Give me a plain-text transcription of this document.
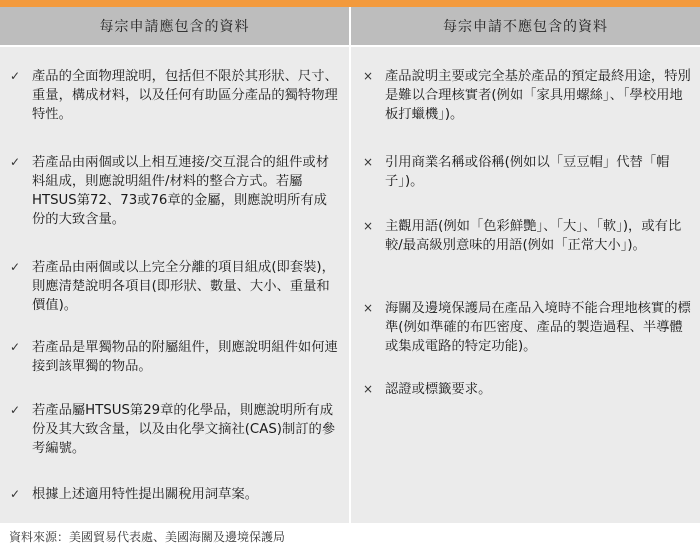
每宗申請應包含的資料
✓ 產品的全面物理說明，包括但不限於其形狀、尺寸、重量，構成材料，以及任何有助區分產品的獨特物理特性。
✓ 若產品由兩個或以上相互連接/交互混合的組件或材料組成，則應說明組件/材料的整合方式。若屬HTSUS第72、73或76章的金屬，則應說明所有成份的大致含量。
✓ 若產品由兩個或以上完全分離的項目組成(即套裝)，則應清楚說明各項目(即形狀、數量、大小、重量和價值)。
✓ 若產品是單獨物品的附屬組件，則應說明組件如何連接到該單獨的物品。
✓ 若產品屬HTSUS第29章的化學品，則應說明所有成份及其大致含量，以及由化學文摘社(CAS)制訂的參考編號。
✓ 根據上述適用特性提出關稅用詞草案。
每宗申請不應包含的資料
× 產品說明主要或完全基於產品的預定最終用途，特別是難以合理核實者(例如「家具用螺絲」、「學校用地板打蠟機」)。
× 引用商業名稱或俗稱(例如以「豆豆帽」代替「帽子」)。
× 主觀用語(例如「色彩鮮艷」、「大」、「軟」)，或有比較/最高級別意味的用語(例如「正常大小」)。
× 海關及邊境保護局在產品入境時不能合理地核實的標準(例如準確的布匹密度、產品的製造過程、半導體或集成電路的特定功能)。
× 認證或標籤要求。
資料來源：美國貿易代表處、美國海關及邊境保護局
